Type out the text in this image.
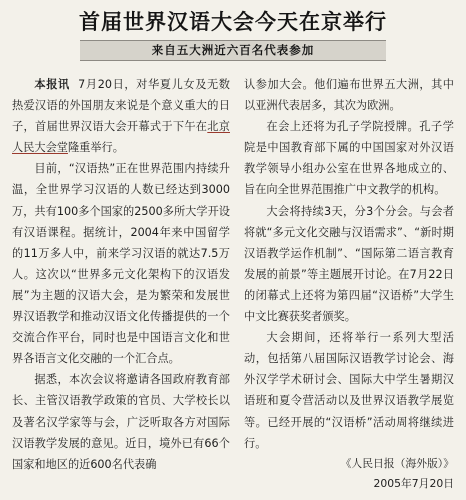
首届世界汉语大会今天在京举行
来自五大洲近六百名代表参加

本报讯 7月20日，对华夏儿女及无数热爱汉语的外国朋友来说是个意义重大的日子，首届世界汉语大会开幕式于下午在北京人民大会堂隆重举行。

目前，“汉语热”正在世界范围内持续升温，全世界学习汉语的人数已经达到3000万，共有100多个国家的2500多所大学开设有汉语课程。据统计，2004年来中国留学的11万多人中，前来学习汉语的就达7.5万人。这次以“世界多元文化架构下的汉语发展”为主题的汉语大会，是为繁荣和发展世界汉语教学和推动汉语文化传播提供的一个交流合作平台，同时也是中国语言文化和世界各语言文化交融的一个汇合点。

据悉，本次会议将邀请各国政府教育部长、主管汉语教学政策的官员、大学校长以及著名汉学家等与会，广泛听取各方对国际汉语教学发展的意见。近日，境外已有66个国家和地区的近600名代表确

认参加大会。他们遍布世界五大洲，其中以亚洲代表居多，其次为欧洲。

在会上还将为孔子学院授牌。孔子学院是中国教育部下属的中国国家对外汉语教学领导小组办公室在世界各地成立的、旨在向全世界范围推广中文教学的机构。

大会将持续3天，分3个分会。与会者将就“多元文化交融与汉语需求”、“新时期汉语教学运作机制”、“国际第二语言教育发展的前景”等主题展开讨论。在7月22日的闭幕式上还将为第四届“汉语桥”大学生中文比赛获奖者颁奖。

大会期间，还将举行一系列大型活动，包括第八届国际汉语教学讨论会、海外汉学学术研讨会、国际大中学生暑期汉语班和夏令营活动以及世界汉语教学展览等。已经开展的“汉语桥”活动周将继续进行。

《人民日报（海外版）》
2005年7月20日
